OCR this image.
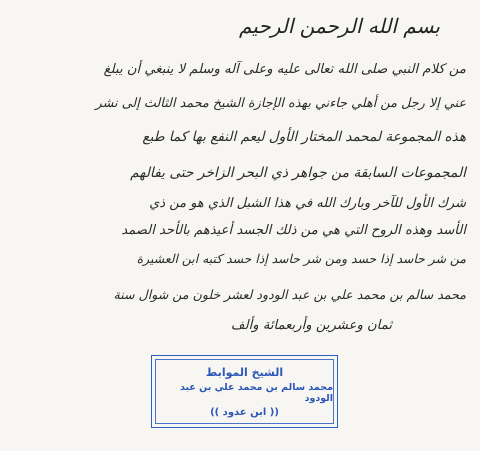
بسم الله الرحمن الرحيم
من كلام النبي صلى الله تعالى عليه وعلى آله وسلم لا ينبغي أن يبلغ
عني إلا رجل من أهلي جاءني بهذه الإجازة الشيخ محمد الثالث إلى نشر
هذه المجموعة لمحمد المختار الأول ليعم النفع بها كما طبع
المجموعات السابقة من جواهر ذي البحر الزاخر حتى يفالهم
شرك الأول للآخر وبارك الله في هذا الشبل الذي هو من ذي
الأسد وهذه الروح التي هي من ذلك الجسد أعيذهم بالأحد الصمد
من شر حاسد إذا حسد ومن شر حاسد إذا حسد كتبه ابن العشيرة
محمد سالم بن محمد علي بن عبد الودود لعشر خلون من شوال سنة
ثمان وعشرين وأربعمائة وألف
الشيخ الموابط
محمد سالم بن محمد علي بن عبد الودود
(( ابن عدود ))
